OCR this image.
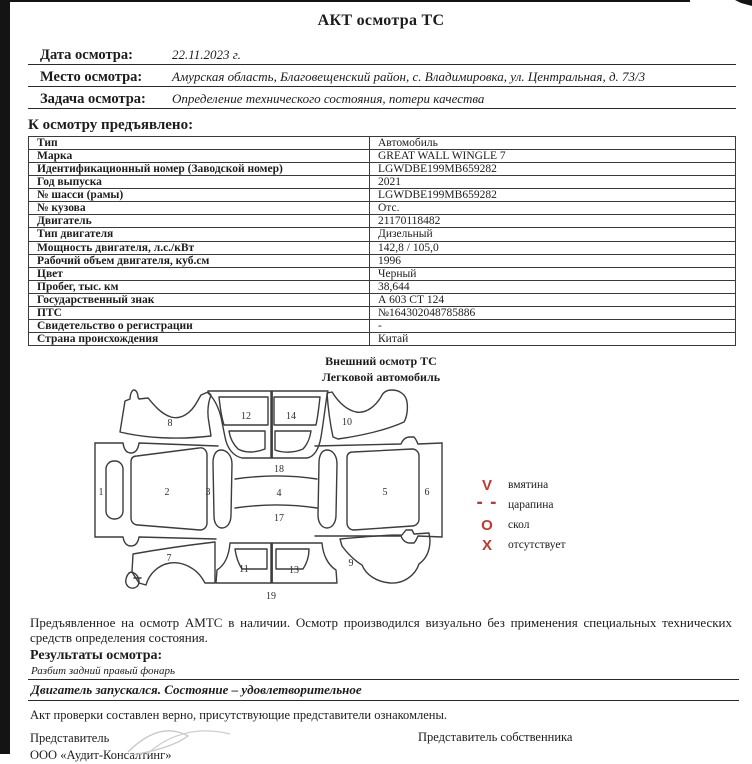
АКТ осмотра ТС
Дата осмотра:	22.11.2023 г.
Место осмотра:	Амурская область, Благовещенский район, с. Владимировка, ул. Центральная, д. 73/3
Задача осмотра:	Определение технического состояния, потери качества
К осмотру предъявлено:
Тип	Автомобиль
Марка	GREAT WALL WINGLE 7
Идентификационный номер (Заводской номер)	LGWDBE199MB659282
Год выпуска	2021
№ шасси (рамы)	LGWDBE199MB659282
№ кузова	Отс.
Двигатель	21170118482
Тип двигателя	Дизельный
Мощность двигателя, л.с./кВт	142,8 / 105,0
Рабочий объем двигателя, куб.см	1996
Цвет	Черный
Пробег, тыс. км	38,644
Государственный знак	А 603 СТ 124
ПТС	№164302048785886
Свидетельство о регистрации	-
Страна происхождения	Китай
Внешний осмотр ТС
Легковой автомобиль
1	2	3	4	5	6
7
8
9
10
11
12
13
14
17
18
19
V	вмятина
- - царапина
O	скол
X	отсутствует
Предъявленное на осмотр АМТС в наличии. Осмотр производился визуально без применения специальных технических средств определения состояния.
Результаты осмотра:
Разбит задний правый фонарь
Двигатель запускался. Состояние – удовлетворительное
Акт проверки составлен верно, присутствующие представители ознакомлены.
Представитель
ООО «Аудит-Консалтинг»
Представитель собственника
